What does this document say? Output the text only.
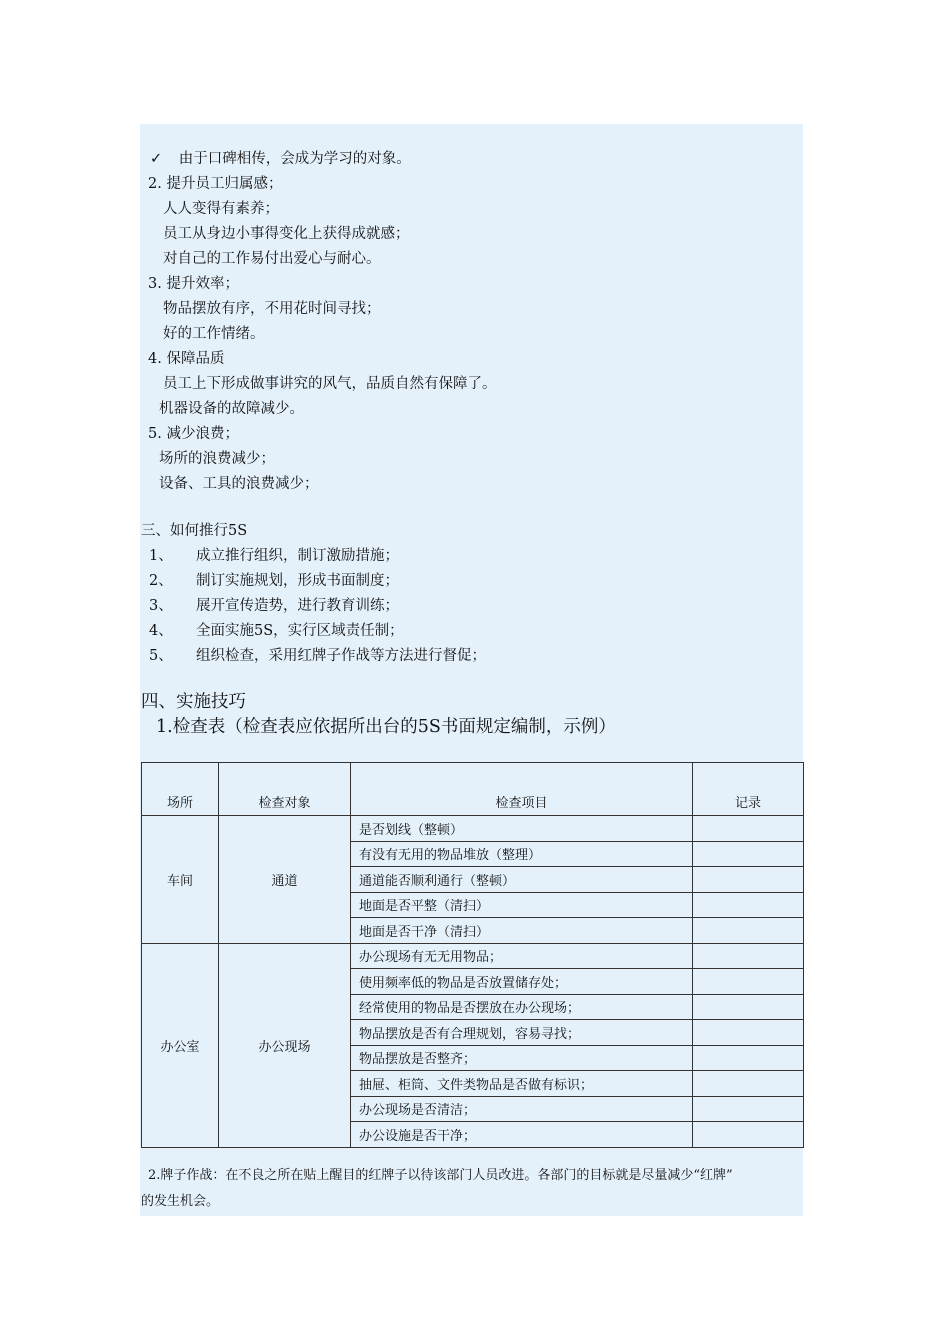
✓ 由于口碑相传，会成为学习的对象。
2. 提升员工归属感；
人人变得有素养；
员工从身边小事得变化上获得成就感；
对自己的工作易付出爱心与耐心。
3. 提升效率；
物品摆放有序，不用花时间寻找；
好的工作情绪。
4. 保障品质
员工上下形成做事讲究的风气，品质自然有保障了。
机器设备的故障减少。
5. 减少浪费；
场所的浪费减少；
设备、工具的浪费减少；
三、如何推行5S
1、 成立推行组织，制订激励措施；
2、 制订实施规划，形成书面制度；
3、 展开宣传造势，进行教育训练；
4、 全面实施5S，实行区域责任制；
5、 组织检查，采用红牌子作战等方法进行督促；
四、实施技巧
1.检查表（检查表应依据所出台的5S书面规定编制，示例）
场所	检查对象	检查项目	记录
车间	通道	是否划线（整顿）	
		有没有无用的物品堆放（整理）	
		通道能否顺利通行（整顿）	
		地面是否平整（清扫）	
		地面是否干净（清扫）	
办公室	办公现场	办公现场有无无用物品；	
		使用频率低的物品是否放置储存处；	
		经常使用的物品是否摆放在办公现场；	
		物品摆放是否有合理规划，容易寻找；	
		物品摆放是否整齐；	
		抽屉、柜筒、文件类物品是否做有标识；	
		办公现场是否清洁；	
		办公设施是否干净；	
2.牌子作战：在不良之所在贴上醒目的红牌子以待该部门人员改进。各部门的目标就是尽量减少“红牌”
的发生机会。
